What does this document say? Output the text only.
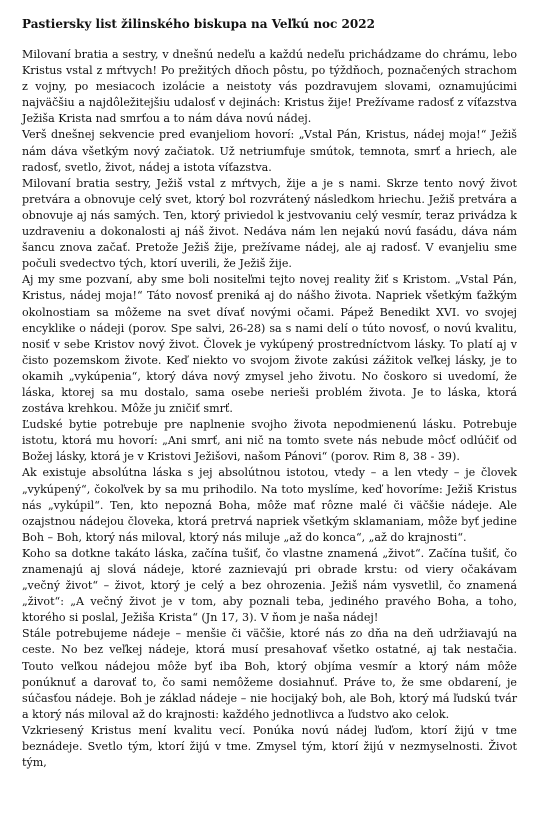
Pastiersky list žilinského biskupa na Veľkú noc 2022

Milovaní bratia a sestry, v dnešnú nedeľu a každú nedeľu prichádzame do chrámu, lebo Kristus vstal z mŕtvych! Po prežitých dňoch pôstu, po týždňoch, poznačených strachom z vojny, po mesiacoch izolácie a neistoty vás pozdravujem slovami, oznamujúcimi najväčšiu a najdôležitejšiu udalosť v dejinách: Kristus žije! Prežívame radosť z víťazstva Ježiša Krista nad smrťou a to nám dáva novú nádej.

Verš dnešnej sekvencie pred evanjeliom hovorí: „Vstal Pán, Kristus, nádej moja!“ Ježiš nám dáva všetkým nový začiatok. Už netriumfuje smútok, temnota, smrť a hriech, ale radosť, svetlo, život, nádej a istota víťazstva.

Milovaní bratia sestry, Ježiš vstal z mŕtvych, žije a je s nami. Skrze tento nový život pretvára a obnovuje celý svet, ktorý bol rozvrátený následkom hriechu. Ježiš pretvára a obnovuje aj nás samých. Ten, ktorý priviedol k jestvovaniu celý vesmír, teraz privádza k uzdraveniu a dokonalosti aj náš život. Nedáva nám len nejakú novú fasádu, dáva nám šancu znova začať. Pretože Ježiš žije, prežívame nádej, ale aj radosť. V evanjeliu sme počuli svedectvo tých, ktorí uverili, že Ježiš žije.

Aj my sme pozvaní, aby sme boli nositeľmi tejto novej reality žiť s Kristom. „Vstal Pán, Kristus, nádej moja!“ Táto novosť preniká aj do nášho života. Napriek všetkým ťažkým okolnostiam sa môžeme na svet dívať novými očami. Pápež Benedikt XVI. vo svojej encyklike o nádeji (porov. Spe salvi, 26-28) sa s nami delí o túto novosť, o novú kvalitu, nosiť v sebe Kristov nový život. Človek je vykúpený prostredníctvom lásky. To platí aj v čisto pozemskom živote. Keď niekto vo svojom živote zakúsi zážitok veľkej lásky, je to okamih „vykúpenia“, ktorý dáva nový zmysel jeho životu. No čoskoro si uvedomí, že láska, ktorej sa mu dostalo, sama osebe nerieši problém života. Je to láska, ktorá zostáva krehkou. Môže ju zničiť smrť.

Ľudské bytie potrebuje pre naplnenie svojho života nepodmienenú lásku. Potrebuje istotu, ktorá mu hovorí: „Ani smrť, ani nič na tomto svete nás nebude môcť odlúčiť od Božej lásky, ktorá je v Kristovi Ježišovi, našom Pánovi“ (porov. Rim 8, 38 - 39).

Ak existuje absolútna láska s jej absolútnou istotou, vtedy – a len vtedy – je človek „vykúpený“, čokoľvek by sa mu prihodilo. Na toto myslíme, keď hovoríme: Ježiš Kristus nás „vykúpil“. Ten, kto nepozná Boha, môže mať rôzne malé či väčšie nádeje. Ale ozajstnou nádejou človeka, ktorá pretrvá napriek všetkým sklamaniam, môže byť jedine Boh – Boh, ktorý nás miloval, ktorý nás miluje „až do konca“, „až do krajnosti“.

Koho sa dotkne takáto láska, začína tušiť, čo vlastne znamená „život“. Začína tušiť, čo znamenajú aj slová nádeje, ktoré zaznievajú pri obrade krstu: od viery očakávam „večný život“ – život, ktorý je celý a bez ohrozenia. Ježiš nám vysvetlil, čo znamená „život“: „A večný život je v tom, aby poznali teba, jediného pravého Boha, a toho, ktorého si poslal, Ježiša Krista“ (Jn 17, 3). V ňom je naša nádej!

Stále potrebujeme nádeje – menšie či väčšie, ktoré nás zo dňa na deň udržiavajú na ceste. No bez veľkej nádeje, ktorá musí presahovať všetko ostatné, aj tak nestačia. Touto veľkou nádejou môže byť iba Boh, ktorý objíma vesmír a ktorý nám môže ponúknuť a darovať to, čo sami nemôžeme dosiahnuť. Práve to, že sme obdarení, je súčasťou nádeje. Boh je základ nádeje – nie hocijaký boh, ale Boh, ktorý má ľudskú tvár a ktorý nás miloval až do krajnosti: každého jednotlivca a ľudstvo ako celok.

Vzkriesený Kristus mení kvalitu vecí. Ponúka novú nádej ľuďom, ktorí žijú v tme beznádeje. Svetlo tým, ktorí žijú v tme. Zmysel tým, ktorí žijú v nezmyselnosti. Život tým,
